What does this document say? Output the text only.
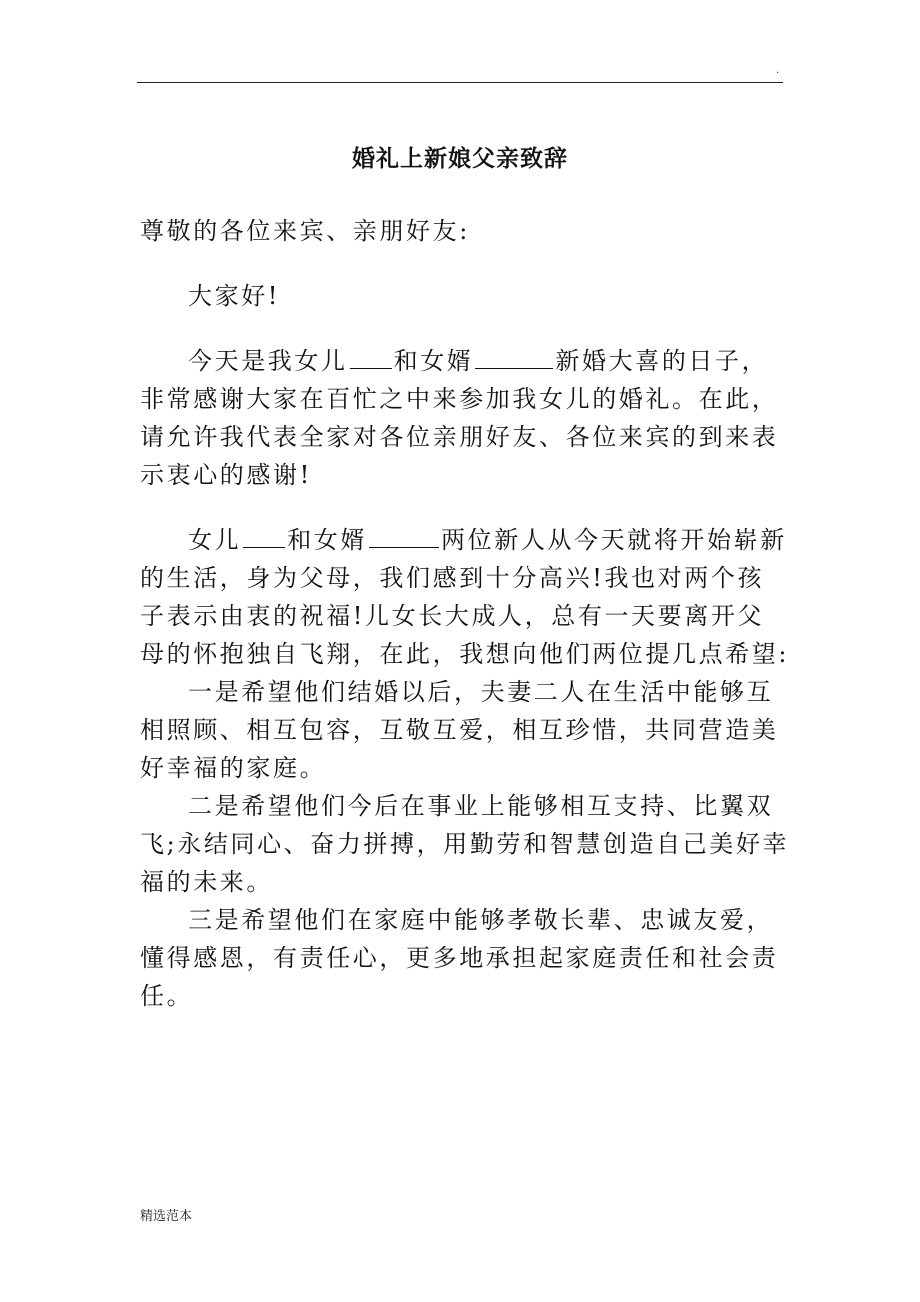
.
婚礼上新娘父亲致辞

尊敬的各位来宾、亲朋好友:

大家好!

今天是我女儿 和女婿	新婚大喜的日子，非常感谢大家在百忙之中来参加我女儿的婚礼。在此，请允许我代表全家对各位亲朋好友、各位来宾的到来表示衷心的感谢!

女儿 和女婿	两位新人从今天就将开始崭新的生活，身为父母，我们感到十分高兴!我也对两个孩子表示由衷的祝福!儿女长大成人，总有一天要离开父母的怀抱独自飞翔，在此，我想向他们两位提几点希望:

一是希望他们结婚以后，夫妻二人在生活中能够互相照顾、相互包容，互敬互爱，相互珍惜，共同营造美好幸福的家庭。

二是希望他们今后在事业上能够相互支持、比翼双飞;永结同心、奋力拼搏，用勤劳和智慧创造自己美好幸福的未来。

三是希望他们在家庭中能够孝敬长辈、忠诚友爱，懂得感恩，有责任心，更多地承担起家庭责任和社会责任。

精选范本
